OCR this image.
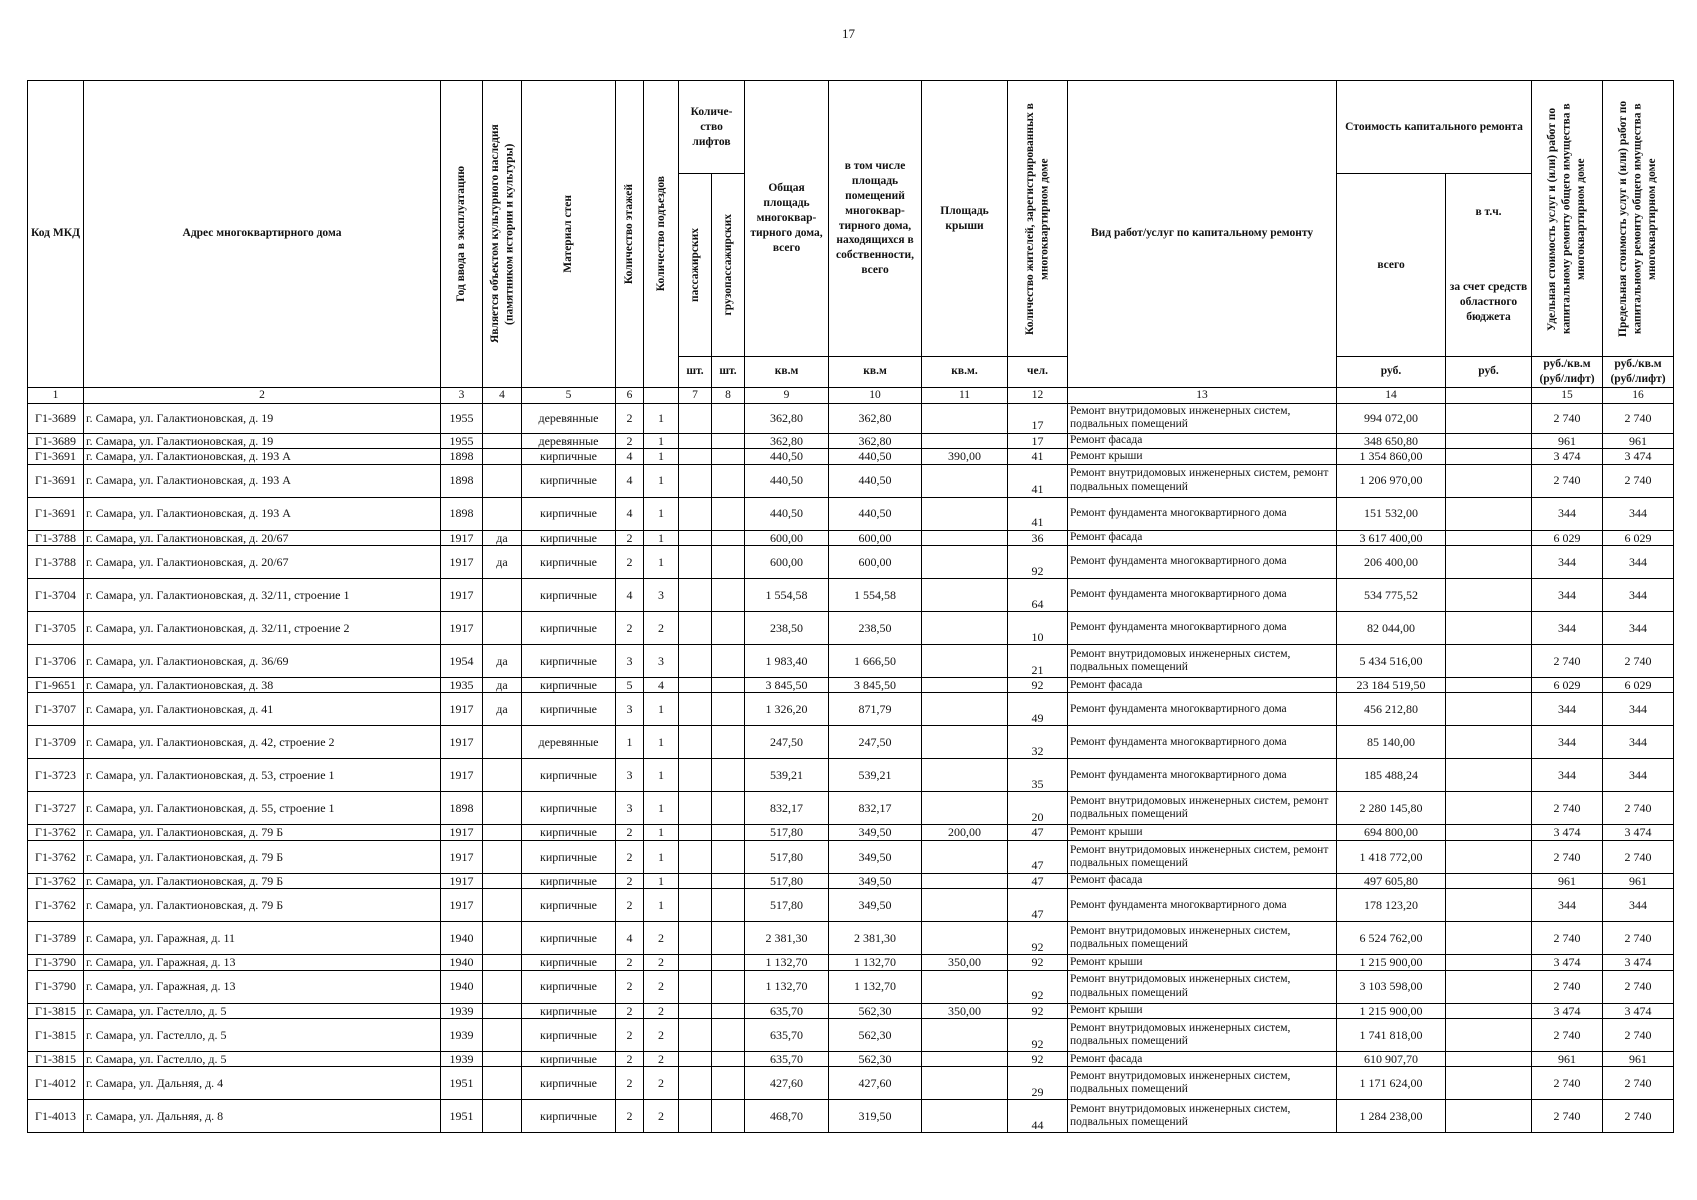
17
Код МКД	Адрес многоквартирного дома	Год ввода в эксплуатацию	Является объектом культурного наследия (памятником истории и культуры)	Материал стен	Количество этажей	Количество подъездов	Количе-ство лифтов		Общая площадь многоквар-тирного дома, всего	в том числе площадь помещений многоквар-тирного дома, находящихся в собственности, всего	Площадь крыши	Количество жителей, зарегистрированных в многоквартирном доме	Вид работ/услуг по капитальному ремонту	Стоимость капитального ремонта		Удельная стоимость услуг и (или) работ по капитальному ремонту общего имущества в многоквартирном доме	Предельная стоимость услуг и (или) работ по капитальному ремонту общего имущества в многоквартирном доме

							пассажирских	грузопассажирских						всего	в т.ч.
за счет средств областного бюджета		

							шт.	шт.	кв.м	кв.м	кв.м.	чел.		руб.	руб.	руб./кв.м (руб/лифт)	руб./кв.м (руб/лифт)
1	2	3	4	5	6		7	8	9	10	11	12	13	14		15	16
Г1-3689	г. Самара, ул. Галактионовская, д. 19	1955		деревянные	2	1			362,80	362,80		17	Ремонт внутридомовых инженерных систем, подвальных помещений	994 072,00		2 740	2 740
Г1-3689	г. Самара, ул. Галактионовская, д. 19	1955		деревянные	2	1			362,80	362,80		17	Ремонт фасада	348 650,80		961	961
Г1-3691	г. Самара, ул. Галактионовская, д. 193 А	1898		кирпичные	4	1			440,50	440,50	390,00	41	Ремонт крыши	1 354 860,00		3 474	3 474
Г1-3691	г. Самара, ул. Галактионовская, д. 193 А	1898		кирпичные	4	1			440,50	440,50		41	Ремонт внутридомовых инженерных систем, ремонт подвальных помещений	1 206 970,00		2 740	2 740
Г1-3691	г. Самара, ул. Галактионовская, д. 193 А	1898		кирпичные	4	1			440,50	440,50		41	Ремонт фундамента многоквартирного дома	151 532,00		344	344
Г1-3788	г. Самара, ул. Галактионовская, д. 20/67	1917	да	кирпичные	2	1			600,00	600,00		36	Ремонт фасада	3 617 400,00		6 029	6 029
Г1-3788	г. Самара, ул. Галактионовская, д. 20/67	1917	да	кирпичные	2	1			600,00	600,00		92	Ремонт фундамента многоквартирного дома	206 400,00		344	344
Г1-3704	г. Самара, ул. Галактионовская, д. 32/11, строение 1	1917		кирпичные	4	3			1 554,58	1 554,58		64	Ремонт фундамента многоквартирного дома	534 775,52		344	344
Г1-3705	г. Самара, ул. Галактионовская, д. 32/11, строение 2	1917		кирпичные	2	2			238,50	238,50		10	Ремонт фундамента многоквартирного дома	82 044,00		344	344
Г1-3706	г. Самара, ул. Галактионовская, д. 36/69	1954	да	кирпичные	3	3			1 983,40	1 666,50		21	Ремонт внутридомовых инженерных систем, подвальных помещений	5 434 516,00		2 740	2 740
Г1-9651	г. Самара, ул. Галактионовская, д. 38	1935	да	кирпичные	5	4			3 845,50	3 845,50		92	Ремонт фасада	23 184 519,50		6 029	6 029
Г1-3707	г. Самара, ул. Галактионовская, д. 41	1917	да	кирпичные	3	1			1 326,20	871,79		49	Ремонт фундамента многоквартирного дома	456 212,80		344	344
Г1-3709	г. Самара, ул. Галактионовская, д. 42, строение 2	1917		деревянные	1	1			247,50	247,50		32	Ремонт фундамента многоквартирного дома	85 140,00		344	344
Г1-3723	г. Самара, ул. Галактионовская, д. 53, строение 1	1917		кирпичные	3	1			539,21	539,21		35	Ремонт фундамента многоквартирного дома	185 488,24		344	344
Г1-3727	г. Самара, ул. Галактионовская, д. 55, строение 1	1898		кирпичные	3	1			832,17	832,17		20	Ремонт внутридомовых инженерных систем, ремонт подвальных помещений	2 280 145,80		2 740	2 740
Г1-3762	г. Самара, ул. Галактионовская, д. 79 Б	1917		кирпичные	2	1			517,80	349,50	200,00	47	Ремонт крыши	694 800,00		3 474	3 474
Г1-3762	г. Самара, ул. Галактионовская, д. 79 Б	1917		кирпичные	2	1			517,80	349,50		47	Ремонт внутридомовых инженерных систем, ремонт подвальных помещений	1 418 772,00		2 740	2 740
Г1-3762	г. Самара, ул. Галактионовская, д. 79 Б	1917		кирпичные	2	1			517,80	349,50		47	Ремонт фасада	497 605,80		961	961
Г1-3762	г. Самара, ул. Галактионовская, д. 79 Б	1917		кирпичные	2	1			517,80	349,50		47	Ремонт фундамента многоквартирного дома	178 123,20		344	344
Г1-3789	г. Самара, ул. Гаражная, д. 11	1940		кирпичные	4	2			2 381,30	2 381,30		92	Ремонт внутридомовых инженерных систем, подвальных помещений	6 524 762,00		2 740	2 740
Г1-3790	г. Самара, ул. Гаражная, д. 13	1940		кирпичные	2	2			1 132,70	1 132,70	350,00	92	Ремонт крыши	1 215 900,00		3 474	3 474
Г1-3790	г. Самара, ул. Гаражная, д. 13	1940		кирпичные	2	2			1 132,70	1 132,70		92	Ремонт внутридомовых инженерных систем, подвальных помещений	3 103 598,00		2 740	2 740
Г1-3815	г. Самара, ул. Гастелло, д. 5	1939		кирпичные	2	2			635,70	562,30	350,00	92	Ремонт крыши	1 215 900,00		3 474	3 474
Г1-3815	г. Самара, ул. Гастелло, д. 5	1939		кирпичные	2	2			635,70	562,30		92	Ремонт внутридомовых инженерных систем, подвальных помещений	1 741 818,00		2 740	2 740
Г1-3815	г. Самара, ул. Гастелло, д. 5	1939		кирпичные	2	2			635,70	562,30		92	Ремонт фасада	610 907,70		961	961
Г1-4012	г. Самара, ул. Дальняя, д. 4	1951		кирпичные	2	2			427,60	427,60		29	Ремонт внутридомовых инженерных систем, подвальных помещений	1 171 624,00		2 740	2 740
Г1-4013	г. Самара, ул. Дальняя, д. 8	1951		кирпичные	2	2			468,70	319,50		44	Ремонт внутридомовых инженерных систем, подвальных помещений	1 284 238,00		2 740	2 740
